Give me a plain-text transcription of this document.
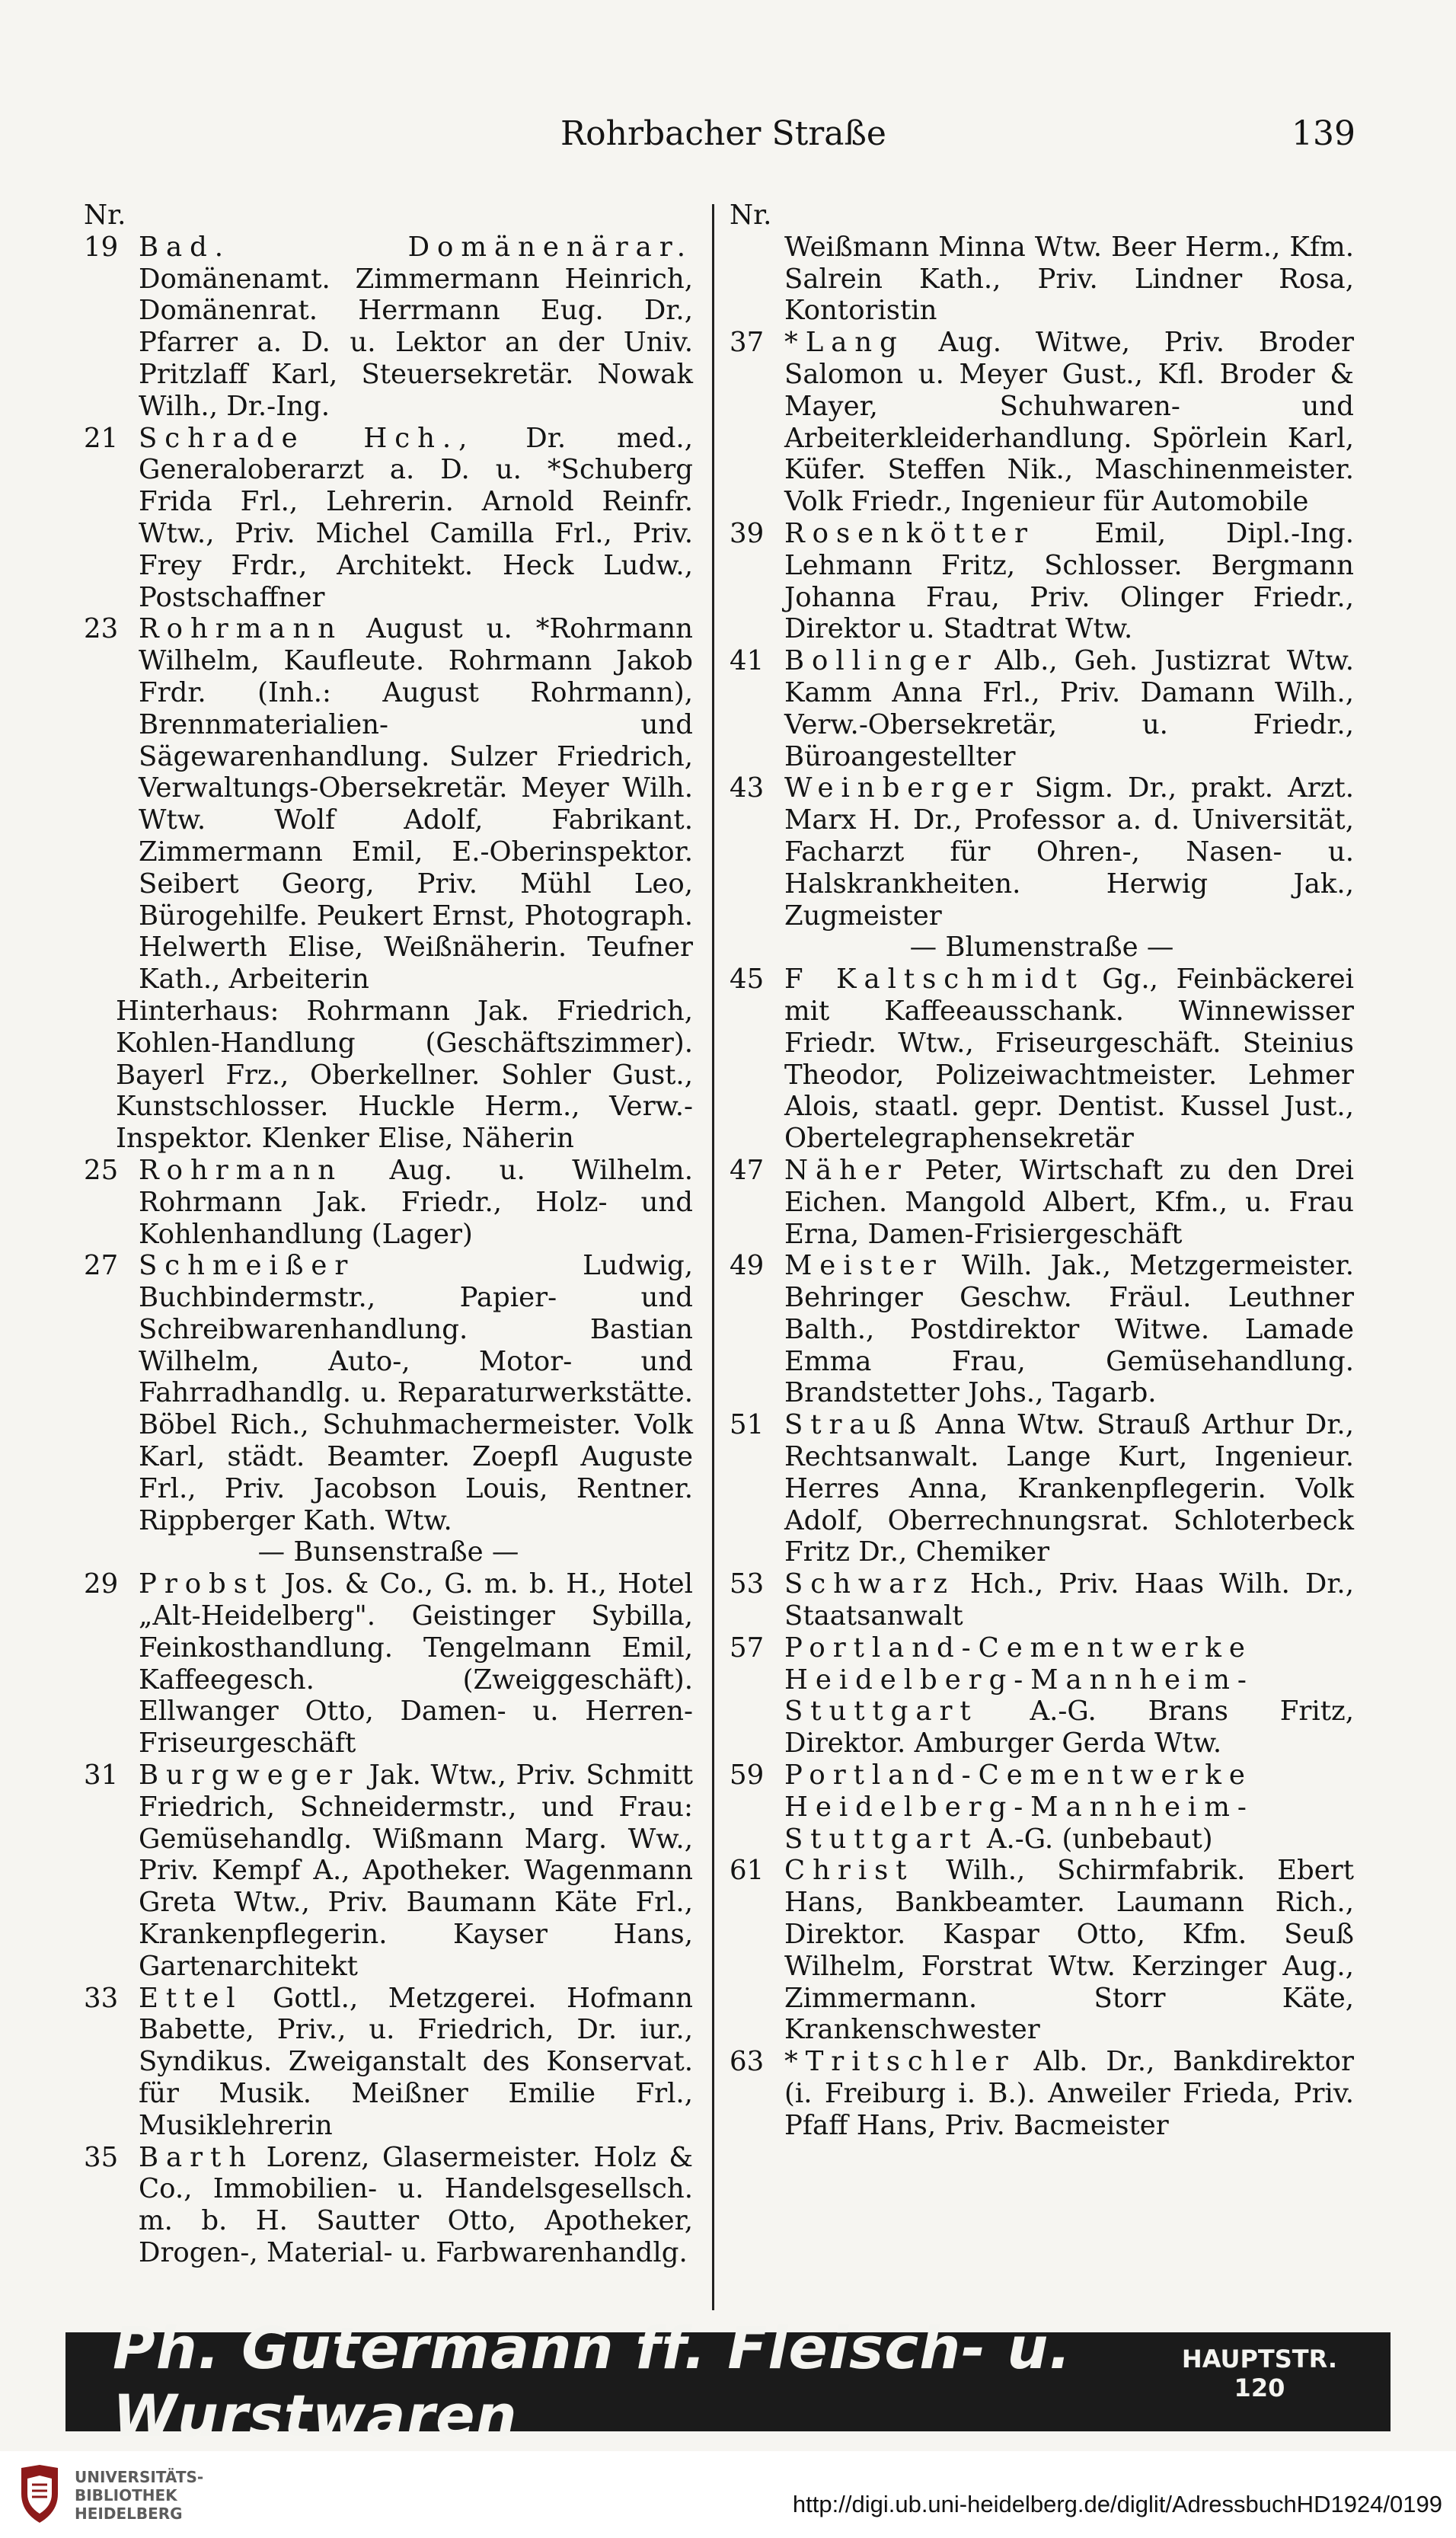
Rohrbacher Straße	139
Nr.
19 Bad. Domänenärar. Domänenamt. Zimmermann Heinrich, Domänenrat. Herrmann Eug. Dr., Pfarrer a. D. u. Lektor an der Univ. Pritzlaff Karl, Steuersekretär. Nowak Wilh., Dr.-Ing.
21 Schrade Hch., Dr. med., Generaloberarzt a. D. u. *Schuberg Frida Frl., Lehrerin. Arnold Reinfr. Wtw., Priv. Michel Camilla Frl., Priv. Frey Frdr., Architekt. Heck Ludw., Postschaffner
23 Rohrmann August u. *Rohrmann Wilhelm, Kaufleute. Rohrmann Jakob Frdr. (Inh.: August Rohrmann), Brennmaterialien- und Sägewarenhandlung. Sulzer Friedrich, Verwaltungs-Obersekretär. Meyer Wilh. Wtw. Wolf Adolf, Fabrikant. Zimmermann Emil, E.-Oberinspektor. Seibert Georg, Priv. Mühl Leo, Bürogehilfe. Peukert Ernst, Photograph. Helwerth Elise, Weißnäherin. Teufner Kath., Arbeiterin
Hinterhaus: Rohrmann Jak. Friedrich, Kohlen-Handlung (Geschäftszimmer). Bayerl Frz., Oberkellner. Sohler Gust., Kunstschlosser. Huckle Herm., Verw.-Inspektor. Klenker Elise, Näherin
25 Rohrmann Aug. u. Wilhelm. Rohrmann Jak. Friedr., Holz- und Kohlenhandlung (Lager)
27 Schmeißer	Ludwig, Buchbindermstr., Papier- und Schreibwarenhandlung. Bastian Wilhelm, Auto-, Motor- und Fahrradhandlg. u. Reparaturwerkstätte. Böbel Rich., Schuhmachermeister. Volk Karl, städt. Beamter. Zoepfl Auguste Frl., Priv. Jacobson Louis, Rentner. Rippberger Kath. Wtw.
— Bunsenstraße —
29 Probst Jos. & Co., G. m. b. H., Hotel „Alt-Heidelberg". Geistinger Sybilla, Feinkosthandlung. Tengelmann Emil, Kaffeegesch. (Zweiggeschäft). Ellwanger Otto, Damen- u. Herren-Friseurgeschäft
31 Burgweger Jak. Wtw., Priv. Schmitt Friedrich, Schneidermstr., und Frau: Gemüsehandlg. Wißmann Marg. Ww., Priv. Kempf A., Apotheker. Wagenmann Greta Wtw., Priv. Baumann Käte Frl., Krankenpflegerin. Kayser Hans, Gartenarchitekt
33 Ettel Gottl., Metzgerei. Hofmann Babette, Priv., u. Friedrich, Dr. iur., Syndikus. Zweiganstalt des Konservat. für Musik. Meißner Emilie Frl., Musiklehrerin
35 Barth Lorenz, Glasermeister. Holz & Co., Immobilien- u. Handelsgesellsch. m. b. H. Sautter Otto, Apotheker, Drogen-, Material- u. Farbwarenhandlg.
Nr.
Weißmann Minna Wtw. Beer Herm., Kfm. Salrein Kath., Priv. Lindner Rosa, Kontoristin
37 *Lang Aug. Witwe, Priv. Broder Salomon u. Meyer Gust., Kfl. Broder & Mayer, Schuhwaren- und Arbeiterkleiderhandlung. Spörlein Karl, Küfer. Steffen Nik., Maschinenmeister. Volk Friedr., Ingenieur für Automobile
39 Rosenkötter Emil, Dipl.-Ing. Lehmann Fritz, Schlosser. Bergmann Johanna Frau, Priv. Olinger Friedr., Direktor u. Stadtrat Wtw.
41 Bollinger Alb., Geh. Justizrat Wtw. Kamm Anna Frl., Priv. Damann Wilh., Verw.-Obersekretär, u. Friedr., Büroangestellter
43 Weinberger Sigm. Dr., prakt. Arzt. Marx H. Dr., Professor a. d. Universität, Facharzt für Ohren-, Nasen- u. Halskrankheiten. Herwig Jak., Zugmeister
— Blumenstraße —
45 F Kaltschmidt Gg., Feinbäckerei mit Kaffeeausschank. Winnewisser Friedr. Wtw., Friseurgeschäft. Steinius Theodor, Polizeiwachtmeister. Lehmer Alois, staatl. gepr. Dentist. Kussel Just., Obertelegraphensekretär
47 Näher Peter, Wirtschaft zu den Drei Eichen. Mangold Albert, Kfm., u. Frau Erna, Damen-Frisiergeschäft
49 Meister Wilh. Jak., Metzgermeister. Behringer Geschw. Fräul. Leuthner Balth., Postdirektor Witwe. Lamade Emma Frau, Gemüsehandlung. Brandstetter Johs., Tagarb.
51 Strauß Anna Wtw. Strauß Arthur Dr., Rechtsanwalt. Lange Kurt, Ingenieur. Herres Anna, Krankenpflegerin. Volk Adolf, Oberrechnungsrat. Schloterbeck Fritz Dr., Chemiker
53 Schwarz Hch., Priv. Haas Wilh. Dr., Staatsanwalt
57 Portland-Cementwerke Heidelberg-Mannheim-Stuttgart A.-G. Brans Fritz, Direktor. Amburger Gerda Wtw.
59 Portland-Cementwerke Heidelberg-Mannheim-Stuttgart A.-G. (unbebaut)
61 Christ Wilh., Schirmfabrik. Ebert Hans, Bankbeamter. Laumann Rich., Direktor. Kaspar Otto, Kfm. Seuß Wilhelm, Forstrat Wtw. Kerzinger Aug., Zimmermann. Storr Käte, Krankenschwester
63 *Tritschler Alb. Dr., Bankdirektor (i. Freiburg i. B.). Anweiler Frieda, Priv. Pfaff Hans, Priv. Bacmeister
Ph. Gutermann ff. Fleisch- u. Wurstwaren
HAUPTSTR.
120
UNIVERSITÄTS-
BIBLIOTHEK
HEIDELBERG	http://digi.ub.uni-heidelberg.de/diglit/AdressbuchHD1924/0199
